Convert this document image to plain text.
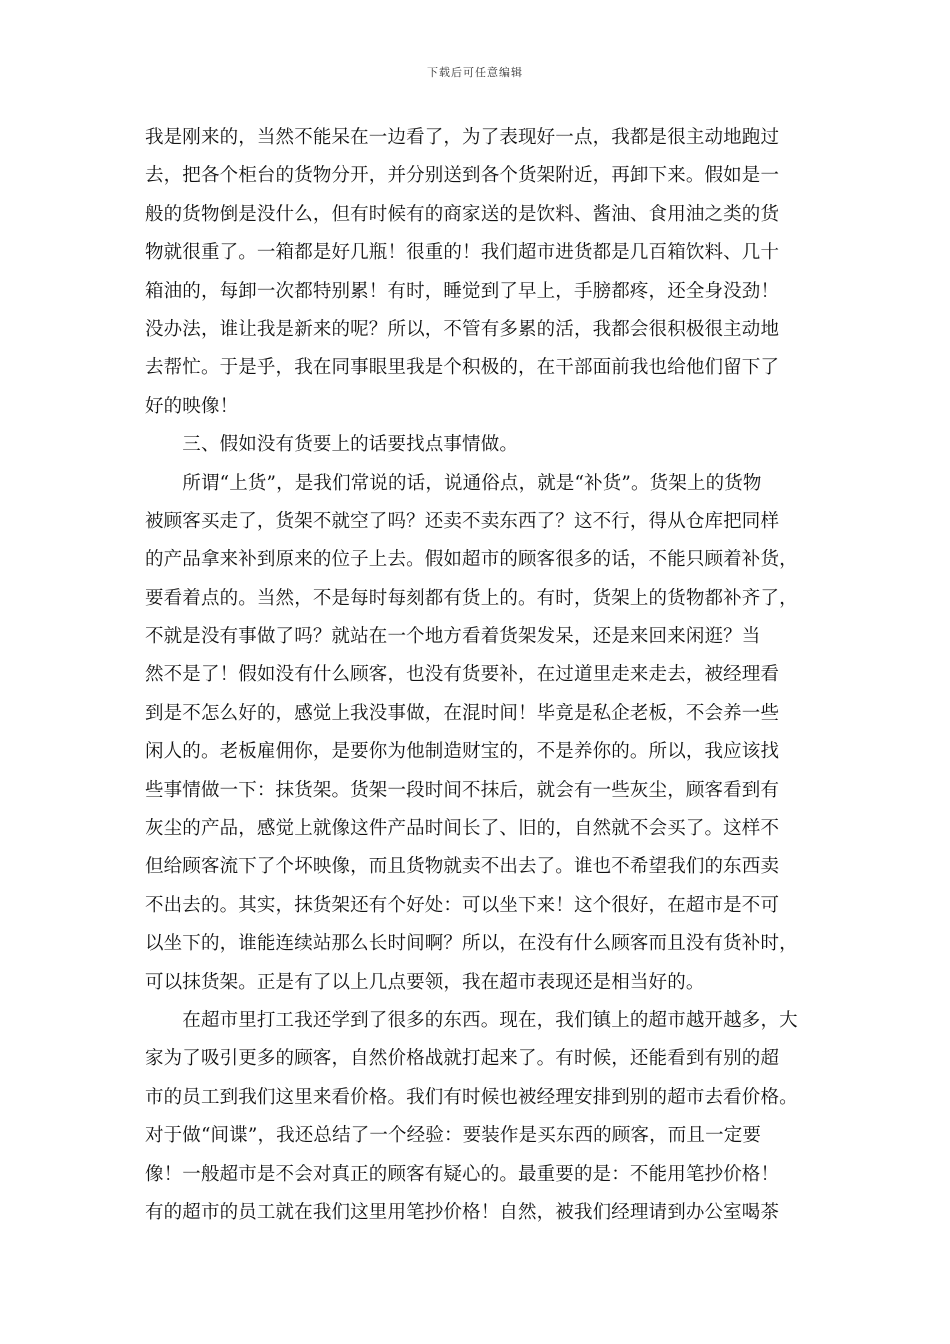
下载后可任意编辑
我是刚来的，当然不能呆在一边看了，为了表现好一点，我都是很主动地跑过
去，把各个柜台的货物分开，并分别送到各个货架附近，再卸下来。假如是一
般的货物倒是没什么，但有时候有的商家送的是饮料、酱油、食用油之类的货
物就很重了。一箱都是好几瓶！很重的！我们超市进货都是几百箱饮料、几十
箱油的，每卸一次都特别累！有时，睡觉到了早上，手膀都疼，还全身没劲！
没办法，谁让我是新来的呢？所以，不管有多累的活，我都会很积极很主动地
去帮忙。于是乎，我在同事眼里我是个积极的，在干部面前我也给他们留下了
好的映像！
　　三、假如没有货要上的话要找点事情做。
　　所谓“上货”，是我们常说的话，说通俗点，就是“补货”。货架上的货物
被顾客买走了，货架不就空了吗？还卖不卖东西了？这不行，得从仓库把同样
的产品拿来补到原来的位子上去。假如超市的顾客很多的话，不能只顾着补货，
要看着点的。当然，不是每时每刻都有货上的。有时，货架上的货物都补齐了，
不就是没有事做了吗？就站在一个地方看着货架发呆，还是来回来闲逛？当
然不是了！假如没有什么顾客，也没有货要补，在过道里走来走去，被经理看
到是不怎么好的，感觉上我没事做，在混时间！毕竟是私企老板，不会养一些
闲人的。老板雇佣你，是要你为他制造财宝的，不是养你的。所以，我应该找
些事情做一下：抹货架。货架一段时间不抹后，就会有一些灰尘，顾客看到有
灰尘的产品，感觉上就像这件产品时间长了、旧的，自然就不会买了。这样不
但给顾客流下了个坏映像，而且货物就卖不出去了。谁也不希望我们的东西卖
不出去的。其实，抹货架还有个好处：可以坐下来！这个很好，在超市是不可
以坐下的，谁能连续站那么长时间啊？所以，在没有什么顾客而且没有货补时，
可以抹货架。正是有了以上几点要领，我在超市表现还是相当好的。
　　在超市里打工我还学到了很多的东西。现在，我们镇上的超市越开越多，大
家为了吸引更多的顾客，自然价格战就打起来了。有时候，还能看到有别的超
市的员工到我们这里来看价格。我们有时候也被经理安排到别的超市去看价格。
对于做“间谍”，我还总结了一个经验：要装作是买东西的顾客，而且一定要
像！一般超市是不会对真正的顾客有疑心的。最重要的是：不能用笔抄价格！
有的超市的员工就在我们这里用笔抄价格！自然，被我们经理请到办公室喝茶
